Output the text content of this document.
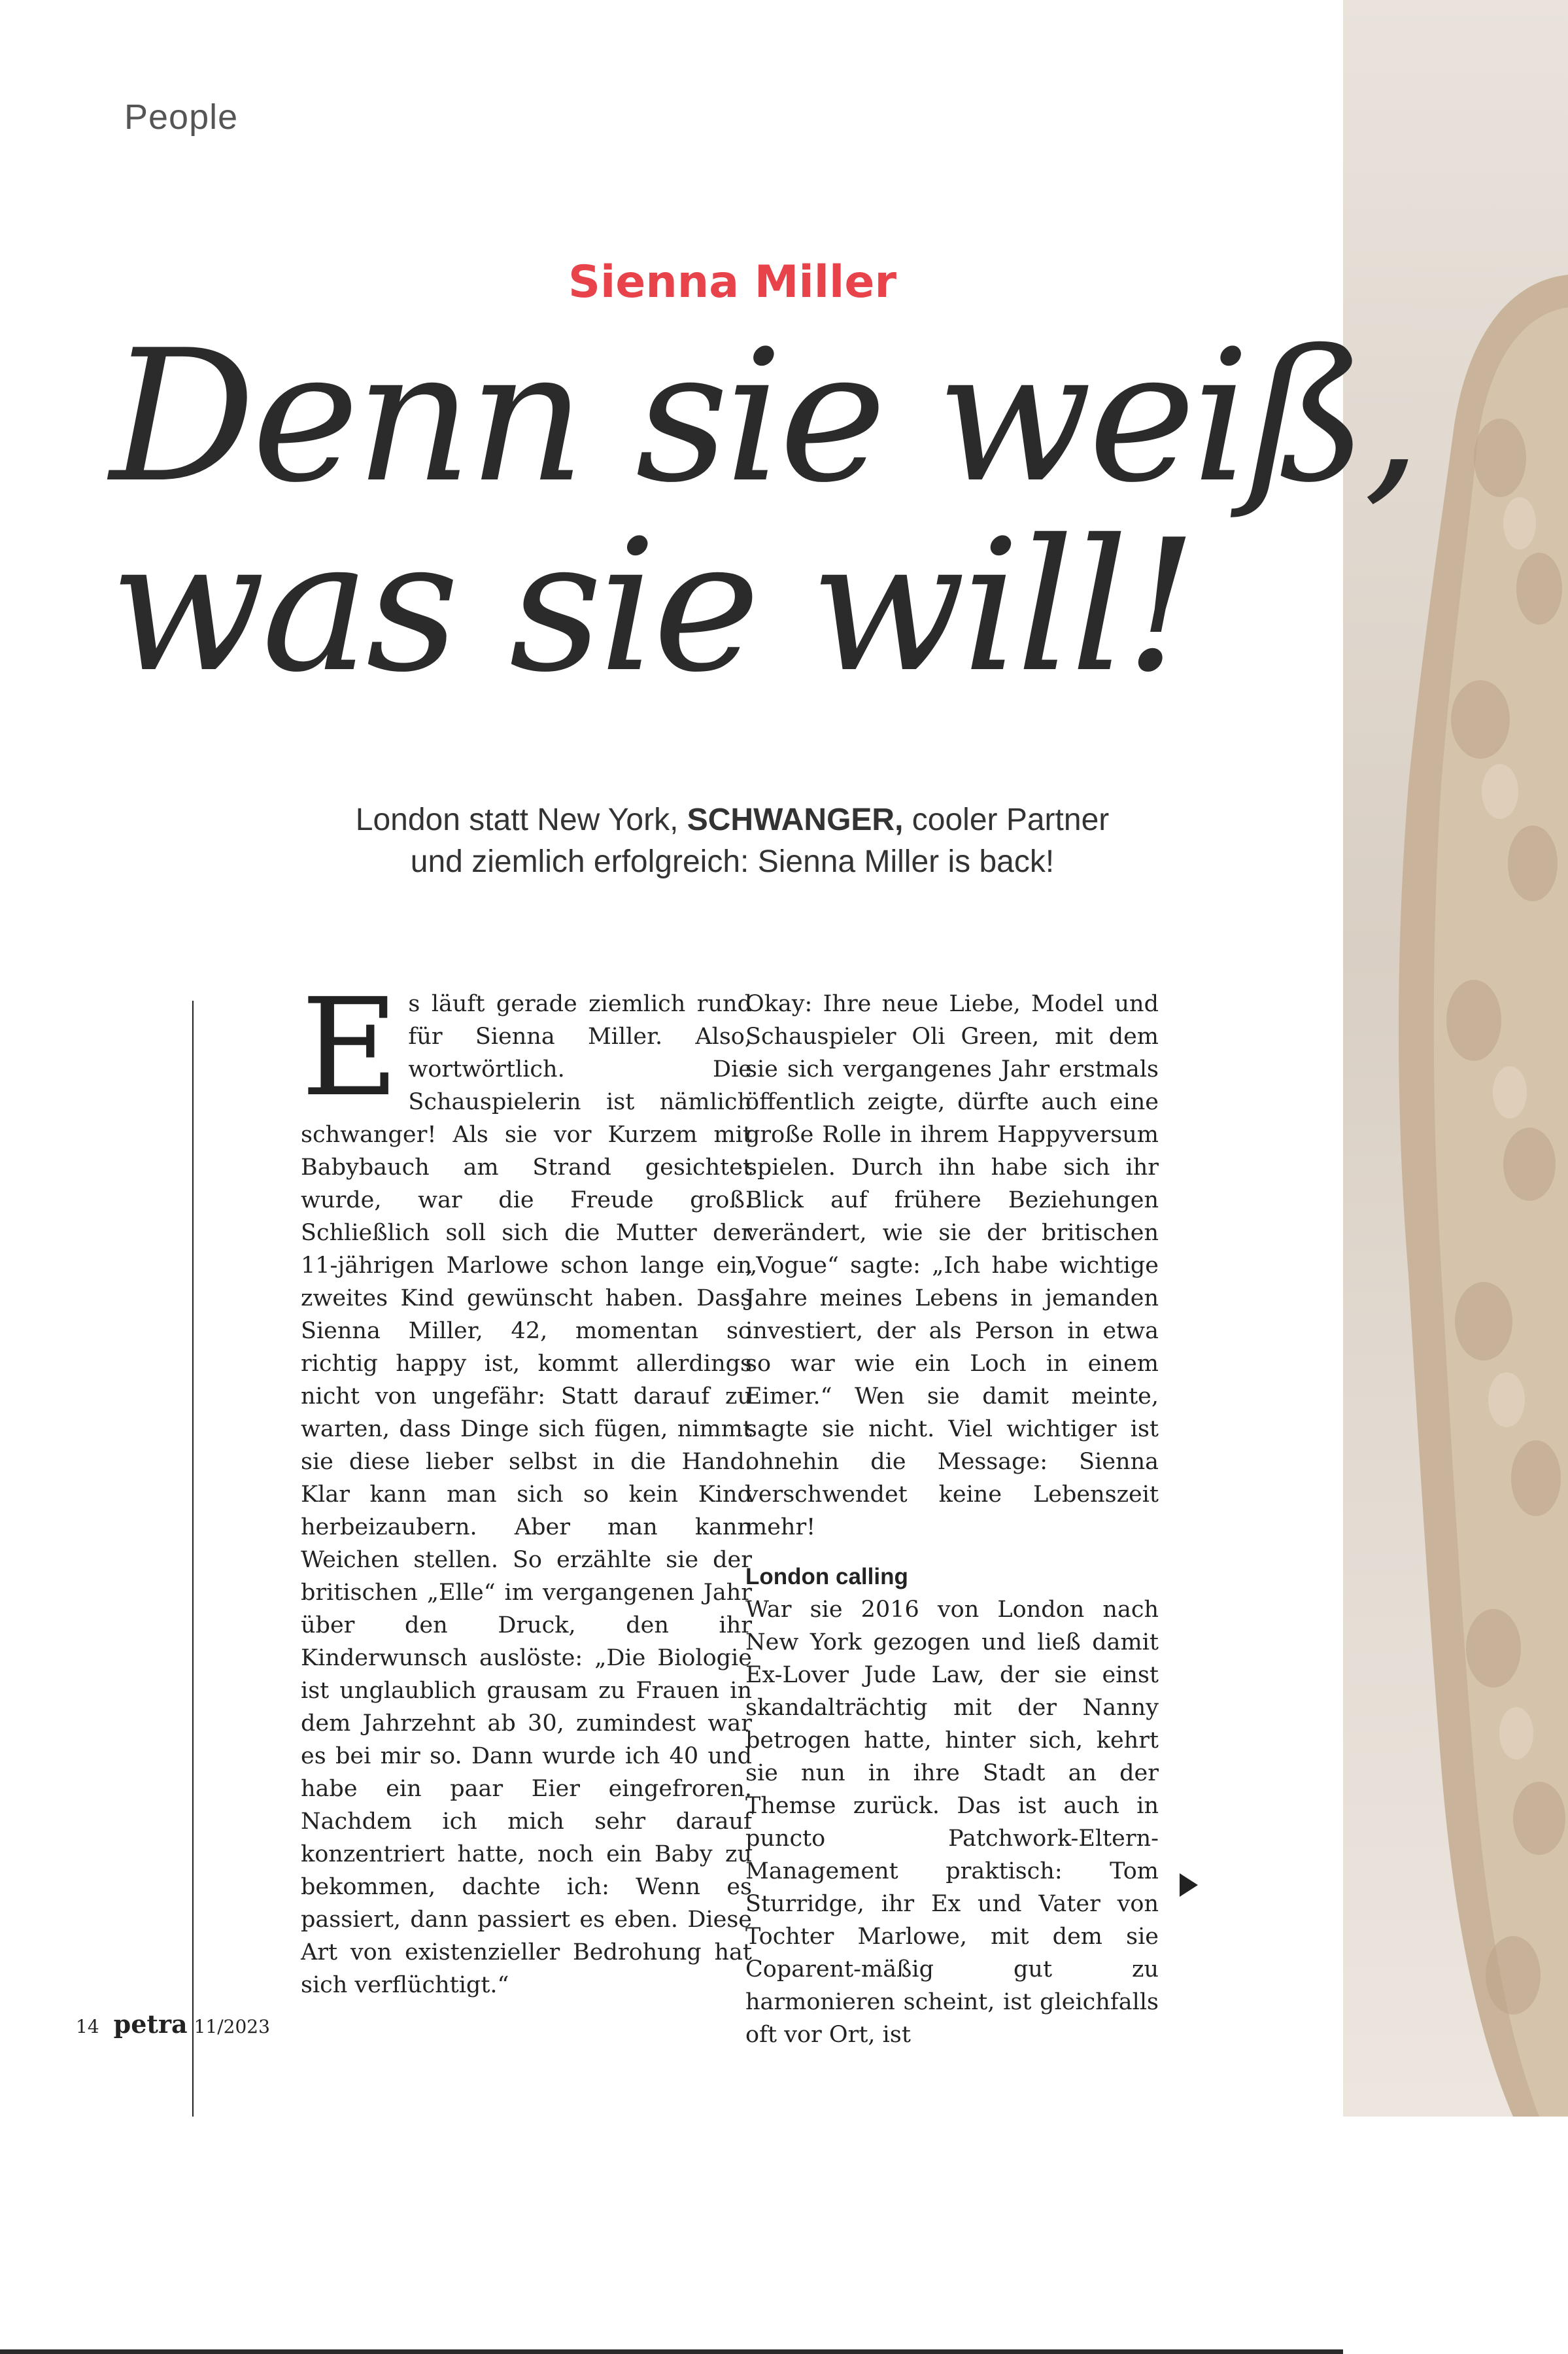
People
Sienna Miller
Denn sie weiß,
was sie will!
London statt New York, SCHWANGER, cooler Partner
und ziemlich erfolgreich: Sienna Miller is back!
E s läuft gerade ziemlich rund für Sienna Miller. Also, wortwörtlich. Die Schauspielerin ist nämlich schwanger! Als sie vor Kurzem mit Babybauch am Strand gesichtet wurde, war die Freude groß. Schließlich soll sich die Mutter der 11-jährigen Marlowe schon lange ein zweites Kind gewünscht haben. Dass Sienna Miller, 42, momentan so richtig happy ist, kommt allerdings nicht von ungefähr: Statt darauf zu warten, dass Dinge sich fügen, nimmt sie diese lieber selbst in die Hand. Klar kann man sich so kein Kind herbeizaubern. Aber man kann Weichen stellen. So erzählte sie der britischen „Elle“ im vergangenen Jahr über den Druck, den ihr Kinderwunsch auslöste: „Die Biologie ist unglaublich grausam zu Frauen in dem Jahrzehnt ab 30, zumindest war es bei mir so. Dann wurde ich 40 und habe ein paar Eier eingefroren. Nachdem ich mich sehr darauf konzentriert hatte, noch ein Baby zu bekommen, dachte ich: Wenn es passiert, dann passiert es eben. Diese Art von existenzieller Bedrohung hat sich verflüchtigt.“

Okay: Ihre neue Liebe, Model und Schauspieler Oli Green, mit dem sie sich vergangenes Jahr erstmals öffentlich zeigte, dürfte auch eine große Rolle in ihrem Happyversum spielen. Durch ihn habe sich ihr Blick auf frühere Beziehungen verändert, wie sie der britischen „Vogue“ sagte: „Ich habe wichtige Jahre meines Lebens in jemanden investiert, der als Person in etwa so war wie ein Loch in einem Eimer.“ Wen sie damit meinte, sagte sie nicht. Viel wichtiger ist ohnehin die Message: Sienna verschwendet keine Lebenszeit mehr!

London calling

War sie 2016 von London nach New York gezogen und ließ damit Ex-Lover Jude Law, der sie einst skandalträchtig mit der Nanny betrogen hatte, hinter sich, kehrt sie nun in ihre Stadt an der Themse zurück. Das ist auch in puncto Patchwork-Eltern-Management praktisch: Tom Sturridge, ihr Ex und Vater von Tochter Marlowe, mit dem sie Coparent-mäßig gut zu harmonieren scheint, ist gleichfalls oft vor Ort, ist

14 petra 11/2023
